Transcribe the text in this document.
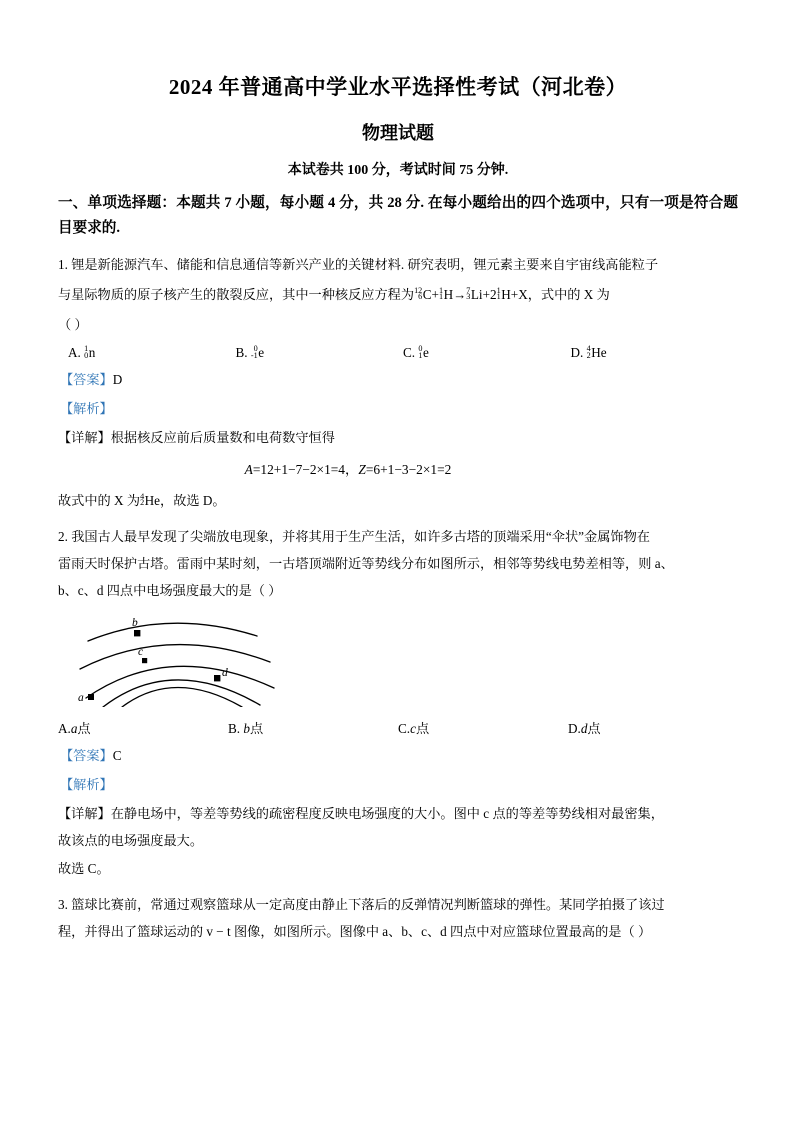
2024 年普通高中学业水平选择性考试（河北卷）
物理试题

本试卷共 100 分，考试时间 75 分钟.

一、单项选择题：本题共 7 小题，每小题 4 分，共 28 分. 在每小题给出的四个选项中，只有一项是符合题目要求的.

1. 锂是新能源汽车、储能和信息通信等新兴产业的关键材料. 研究表明，锂元素主要来自宇宙线高能粒子

与星际物质的原子核产生的散裂反应，其中一种核反应方程为 12
6 C+ 1
1 H→ 7
3 Li+2 1
1 H+X，式中的 X 为

（ ）

A. 1
0 n	B. 0
-1 e	C. 0
1 e	D. 4
2 He

【答案】D

【解析】

【详解】根据核反应前后质量数和电荷数守恒得

A=12+1−7−2×1=4，Z=6+1−3−2×1=2

故式中的 X 为 4
2 He，故选 D。

2. 我国古人最早发现了尖端放电现象，并将其用于生产生活，如许多古塔的顶端采用“伞状”金属饰物在

雷雨天时保护古塔。雷雨中某时刻，一古塔顶端附近等势线分布如图所示，相邻等势线电势差相等，则 a、

b、c、d 四点中电场强度最大的是（ ）

b
c
d
a
A.a点	B. b点	C.c点	D.d点

【答案】C

【解析】

【详解】在静电场中，等差等势线的疏密程度反映电场强度的大小。图中 c 点的等差等势线相对最密集，

故该点的电场强度最大。

故选 C。

3. 篮球比赛前，常通过观察篮球从一定高度由静止下落后的反弹情况判断篮球的弹性。某同学拍摄了该过

程，并得出了篮球运动的 v − t 图像，如图所示。图像中 a、b、c、d 四点中对应篮球位置最高的是（ ）
